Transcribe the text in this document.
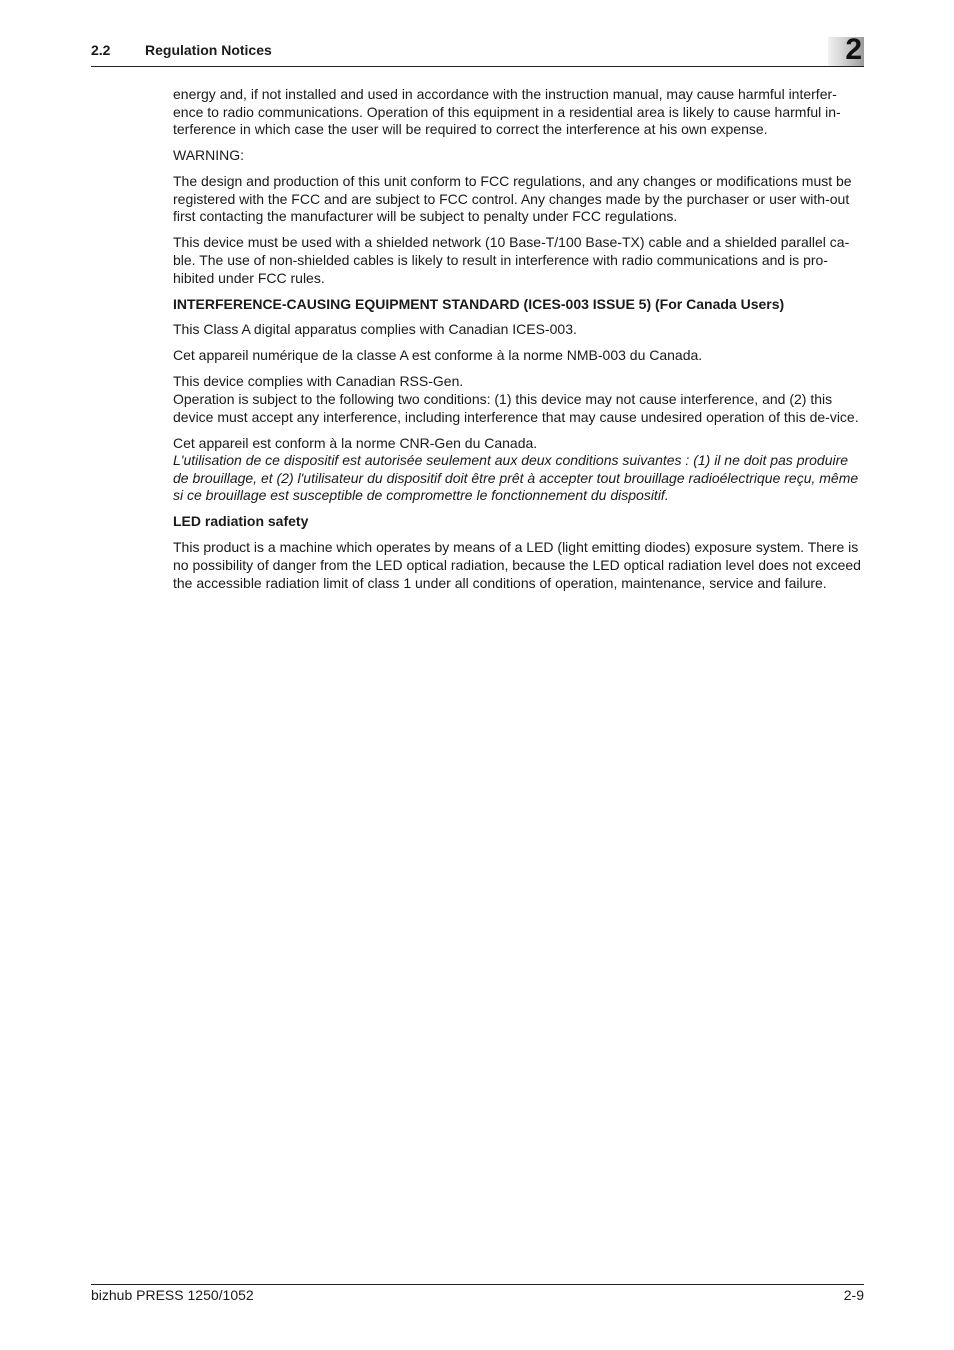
2.2 Regulation Notices	2

energy and, if not installed and used in accordance with the instruction manual, may cause harmful interfer-ence to radio communications. Operation of this equipment in a residential area is likely to cause harmful in-terference in which case the user will be required to correct the interference at his own expense.

WARNING:

The design and production of this unit conform to FCC regulations, and any changes or modifications must be registered with the FCC and are subject to FCC control. Any changes made by the purchaser or user with-out first contacting the manufacturer will be subject to penalty under FCC regulations.

This device must be used with a shielded network (10 Base-T/100 Base-TX) cable and a shielded parallel ca-ble. The use of non-shielded cables is likely to result in interference with radio communications and is pro-hibited under FCC rules.

INTERFERENCE-CAUSING EQUIPMENT STANDARD (ICES-003 ISSUE 5) (For Canada Users)

This Class A digital apparatus complies with Canadian ICES-003.

Cet appareil numérique de la classe A est conforme à la norme NMB-003 du Canada.

This device complies with Canadian RSS-Gen.
Operation is subject to the following two conditions: (1) this device may not cause interference, and (2) this device must accept any interference, including interference that may cause undesired operation of this de-vice.

Cet appareil est conform à la norme CNR-Gen du Canada.
L'utilisation de ce dispositif est autorisée seulement aux deux conditions suivantes : (1) il ne doit pas produire de brouillage, et (2) l'utilisateur du dispositif doit être prêt à accepter tout brouillage radioélectrique reçu, même si ce brouillage est susceptible de compromettre le fonctionnement du dispositif.

LED radiation safety

This product is a machine which operates by means of a LED (light emitting diodes) exposure system. There is no possibility of danger from the LED optical radiation, because the LED optical radiation level does not exceed the accessible radiation limit of class 1 under all conditions of operation, maintenance, service and failure.

bizhub PRESS 1250/1052	2-9
